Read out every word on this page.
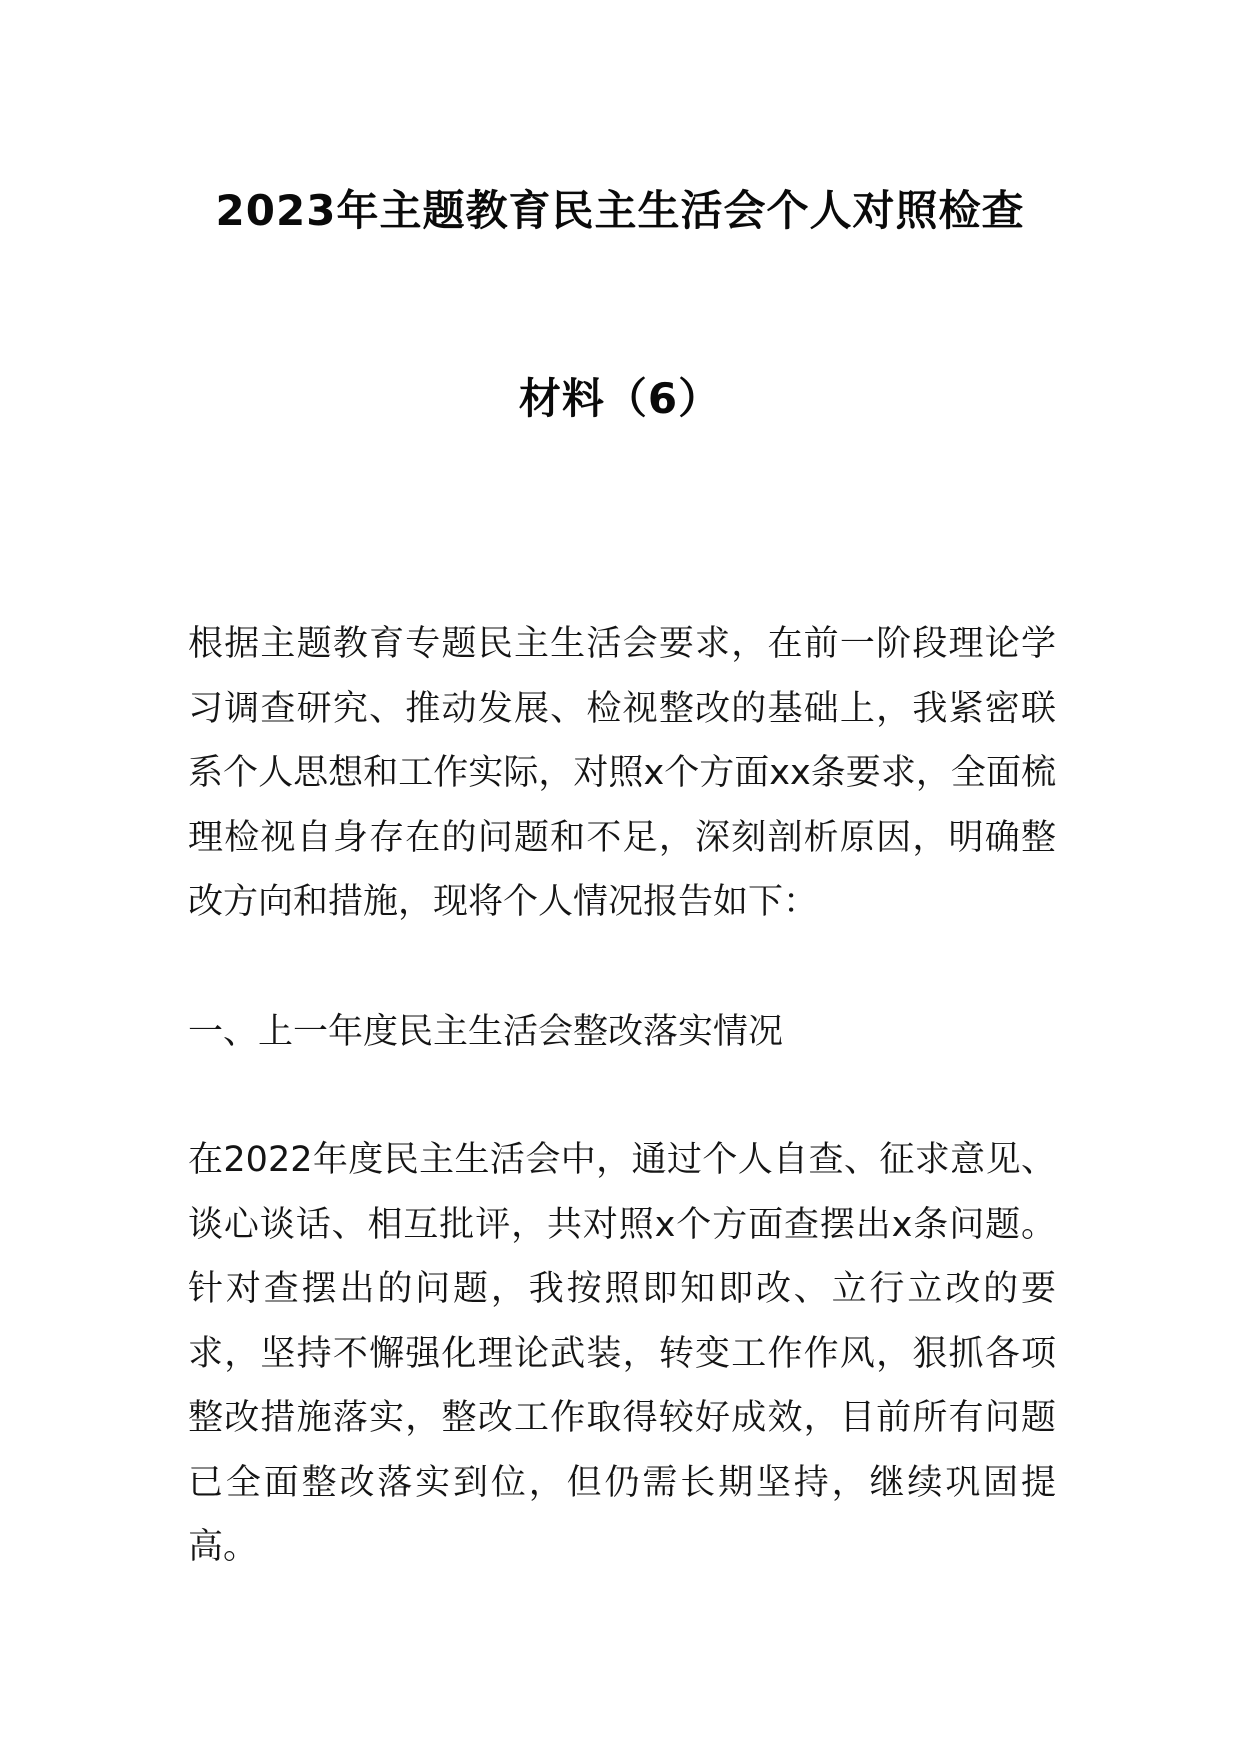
2023年主题教育民主生活会个人对照检查
材料（6）
根据主题教育专题民主生活会要求，在前一阶段理论学习调查研究、推动发展、检视整改的基础上，我紧密联系个人思想和工作实际，对照x个方面xx条要求，全面梳理检视自身存在的问题和不足，深刻剖析原因，明确整改方向和措施，现将个人情况报告如下：
一、上一年度民主生活会整改落实情况
在2022年度民主生活会中，通过个人自查、征求意见、谈心谈话、相互批评，共对照x个方面查摆出x条问题。针对查摆出的问题，我按照即知即改、立行立改的要求，坚持不懈强化理论武装，转变工作作风，狠抓各项整改措施落实，整改工作取得较好成效，目前所有问题已全面整改落实到位，但仍需长期坚持，继续巩固提高。
